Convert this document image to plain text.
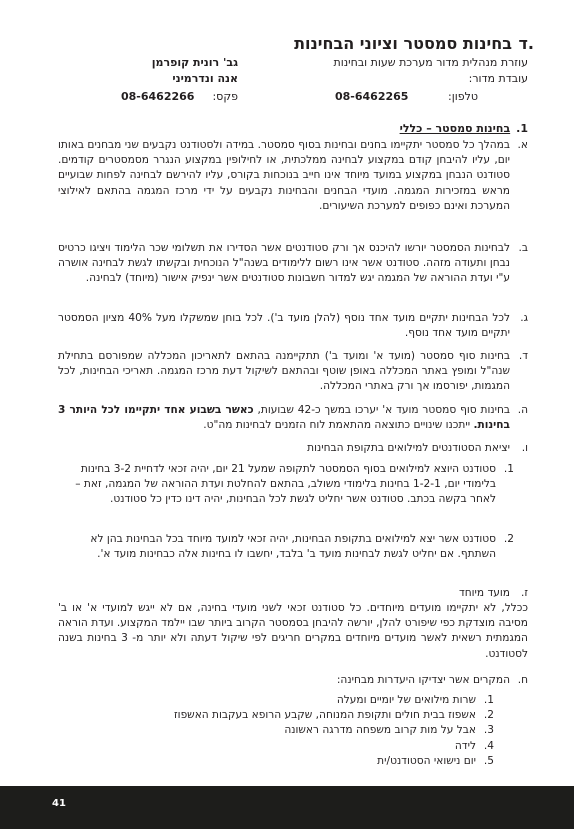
ד.
בחינות סמסטר וציוני הבחינות
עוזרת מנהלית מדור מערכת שעות ובחינות
עובדת מדור:
טלפון:
08-6462265
גב' רונית קופרמן
אנה ונדרמיני
פקס:
08-6462266
1.בחינות סמסטר – כללי
א.
במהלך כל סמסטר יתקיימו בחנים ובחינות בסוף סמסטר. במידה ולסטודנט נקבעים שני מבחנים באותו יום, עליו להיבחן קודם במקצוע לבחינה ממלכתית, או לחילופין במקצוע הנגרר מסמסטרים קודמים. סטודנט הנבחן במקצוע במועד מיוחד אינו חייב בנוכחות בקורס, עליו להירשם לבחינה לפחות שבועיים מראש במזכירות המגמה. מועדי הבחנים והבחינות נקבעים על ידי מרכז המגמה בהתאם לאילוצי המערכת ואינם כפופים למערכת השיעורים.
ב.
לבחינות הסמסטר יורשו להיכנס אך ורק סטודנטים אשר הסדירו את תשלומי שכר הלימוד ויציגו כרטיס נבחן ותעודה מזהה. סטודנט אשר אינו רשום ללימודים בשנה"ל הנוכחית ובקשתו לגשת לבחינה אושרה ע"י ועדת ההוראה של המגמה יגש למדור חשבונות סטודנטים אשר ינפיק אישור (מיוחד) לבחינה.
ג.
לכל הבחינות יתקיים מועד אחד נוסף (להלן מועד ב'). לכל בוחן שמשקלו מעל 40% מציון הסמסטר יתקיים מועד אחד נוסף.
ד.
בחינות סוף סמסטר (מועד א' ומועד ב') תתקיימנה בהתאם לתאריכון המכללה שמפורסם בתחילת שנה"ל ומופץ באתר המכללה באופן שוטף ובהתאם לשיקול דעת מרכז המגמה. תאריכי הבחינות, לכל המגמות, יפורסמו אך ורק באתרי המכללה.
ה.
בחינות סוף סמסטר מועד א' יערכו במשך כ-42 שבועות, כאשר בשבוע אחד יתקיימו לכל היותר 3 בחינות. ייתכנו שינויים כתוצאה מהתאמת לוח הזמנים לבחינות מה"ט.
ו.
יציאת הסטודנטים למילואים בתקופת הבחינות
1.
סטודנט היוצא למילואים בסוף הסמסטר לתקופה שמעל 21 יום, יהיה זכאי לדחיית 3-2 בחינות בלימודי יום, 1-2-1 בחינות בלימודי משולב, בהתאם להחלטת ועדת ההוראה של המגמה, זאת – לאחר בקשה בכתב. סטודנט אשר יחליט לגשת לכל הבחינות, יהיה דינו כדין כל סטודנט.
2.
סטודנט אשר יצא למילואים בתקופת הבחינות, יהיה זכאי למועד מיוחד בכל הבחינות בהן לא השתתף. אם יחליט לגשת לבחינות מועד ב' בלבד, יחשבו לו בחינות אלה כבחינות מועד א'.
ז.
מועד מיוחד
ככלל, לא יתקיימו מועדים מיוחדים. כל סטודנט זכאי לשני מועדי בחינה, אם לא ייגש למועדי א' או ב' מסיבה מוצדקת כפי שיפורט להלן, יורשה להיבחן בסמסטר הקרוב ביותר שבו יילמד המקצוע. ועדת הוראה המגמתית רשאית לאשר מועדים מיוחדים במקרים חריגים לפי שיקול דעתה ולא יותר מ- 3 בחינות בשנה לסטודנט.
ח.
המקרים אשר יצדיקו היעדרות מבחינה:
1.
שרות מילואים של יומיים ומעלה
2.
אשפוז בבית חולים ותקופת המנוחה, שקבע הרופא בעקבות האשפוז
3.
אבל על מות קרוב משפחה מדרגה ראשונה
4.
לידה
5.
יום נישואי הסטודנט/ית
41
